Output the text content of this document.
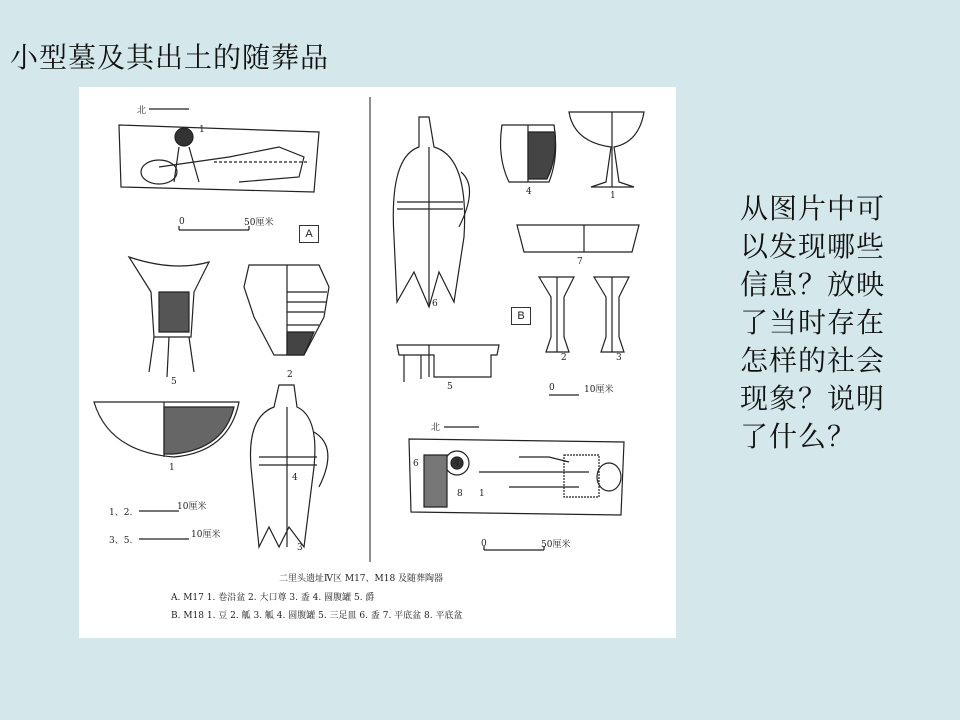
小型墓及其出土的随葬品
从图片中可
以发现哪些
信息？放映
了当时存在
怎样的社会
现象？说明
了什么？
北
1
0	50厘米
A
5
2
1
4
3
1、2.
10厘米
3、5.
10厘米
4	1
7
6
B
2	3
5	0	10厘米
北
6	4
8 1
0	50厘米
二里头遗址Ⅳ区 M17、M18 及随葬陶器
A. M17 1. 卷沿盆 2. 大口尊 3. 盉 4. 圆腹罐 5. 爵
B. M18 1. 豆 2. 觚 3. 觚 4. 圆腹罐 5. 三足皿 6. 盉 7. 平底盆 8. 平底盆
